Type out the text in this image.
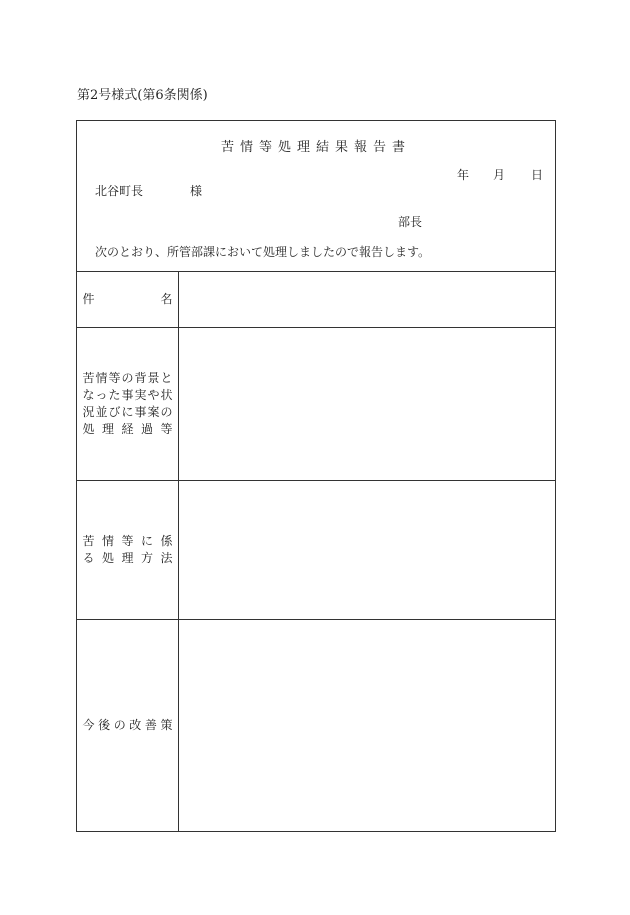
第2号様式(第6条関係)
苦情等処理結果報告書
年 月 日
北谷町長	様
部長
次のとおり、所管部課において処理しましたので報告します。
件名
苦情等の背景と
なった事実や状
況並びに事案の
処理経過等
苦情等に係
る処理方法
今後の改善策
